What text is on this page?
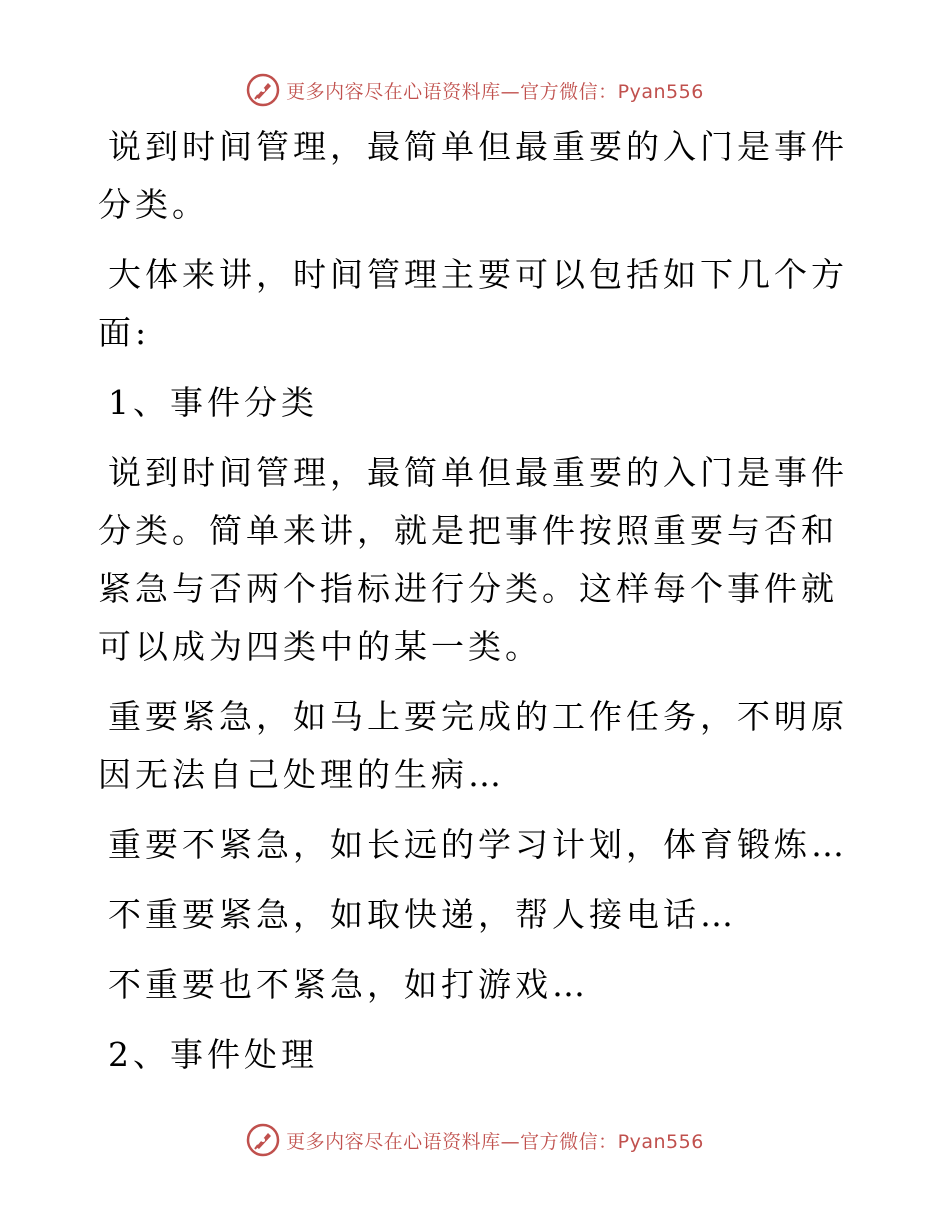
更多内容尽在心语资料库—官方微信：Pyan556

说到时间管理，最简单但最重要的入门是事件分类。

大体来讲，时间管理主要可以包括如下几个方面:

1、事件分类

说到时间管理，最简单但最重要的入门是事件分类。简单来讲，就是把事件按照重要与否和紧急与否两个指标进行分类。这样每个事件就可以成为四类中的某一类。

重要紧急，如马上要完成的工作任务，不明原因无法自己处理的生病…

重要不紧急，如长远的学习计划，体育锻炼…

不重要紧急，如取快递，帮人接电话…

不重要也不紧急，如打游戏…

2、事件处理

更多内容尽在心语资料库—官方微信：Pyan556
